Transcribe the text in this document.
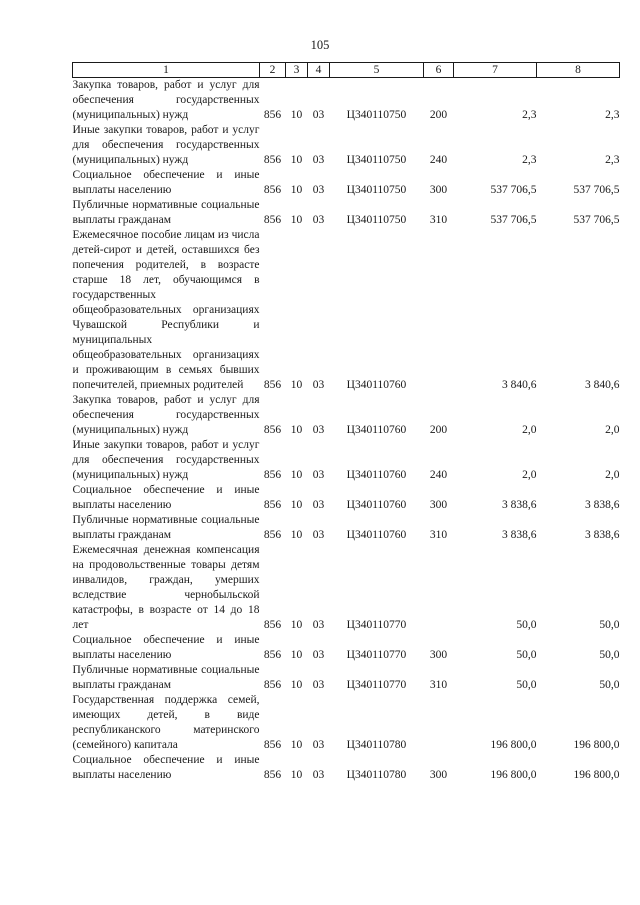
105
1	2	3	4	5	6	7	8
Закупка товаров, работ и услуг для обеспечения государственных (муниципальных) нужд	856	10	03	Ц340110750	200	2,3	2,3
Иные закупки товаров, работ и услуг для обеспечения государственных (муниципальных) нужд	856	10	03	Ц340110750	240	2,3	2,3
Социальное обеспечение и иные выплаты населению	856	10	03	Ц340110750	300	537 706,5	537 706,5
Публичные нормативные социальные выплаты гражданам	856	10	03	Ц340110750	310	537 706,5	537 706,5
Ежемесячное пособие лицам из числа детей-сирот и детей, оставшихся без попечения родителей, в возрасте старше 18 лет, обучающимся в государственных общеобразовательных организациях Чувашской Республики и муниципальных общеобразовательных организациях и проживающим в семьях бывших попечителей, приемных родителей	856	10	03	Ц340110760		3 840,6	3 840,6
Закупка товаров, работ и услуг для обеспечения государственных (муниципальных) нужд	856	10	03	Ц340110760	200	2,0	2,0
Иные закупки товаров, работ и услуг для обеспечения государственных (муниципальных) нужд	856	10	03	Ц340110760	240	2,0	2,0
Социальное обеспечение и иные выплаты населению	856	10	03	Ц340110760	300	3 838,6	3 838,6
Публичные нормативные социальные выплаты гражданам	856	10	03	Ц340110760	310	3 838,6	3 838,6
Ежемесячная денежная компенсация на продовольственные товары детям инвалидов, граждан, умерших вследствие чернобыльской катастрофы, в возрасте от 14 до 18 лет	856	10	03	Ц340110770		50,0	50,0
Социальное обеспечение и иные выплаты населению	856	10	03	Ц340110770	300	50,0	50,0
Публичные нормативные социальные выплаты гражданам	856	10	03	Ц340110770	310	50,0	50,0
Государственная поддержка семей, имеющих детей, в виде республиканского материнского (семейного) капитала	856	10	03	Ц340110780		196 800,0	196 800,0
Социальное обеспечение и иные выплаты населению	856	10	03	Ц340110780	300	196 800,0	196 800,0
